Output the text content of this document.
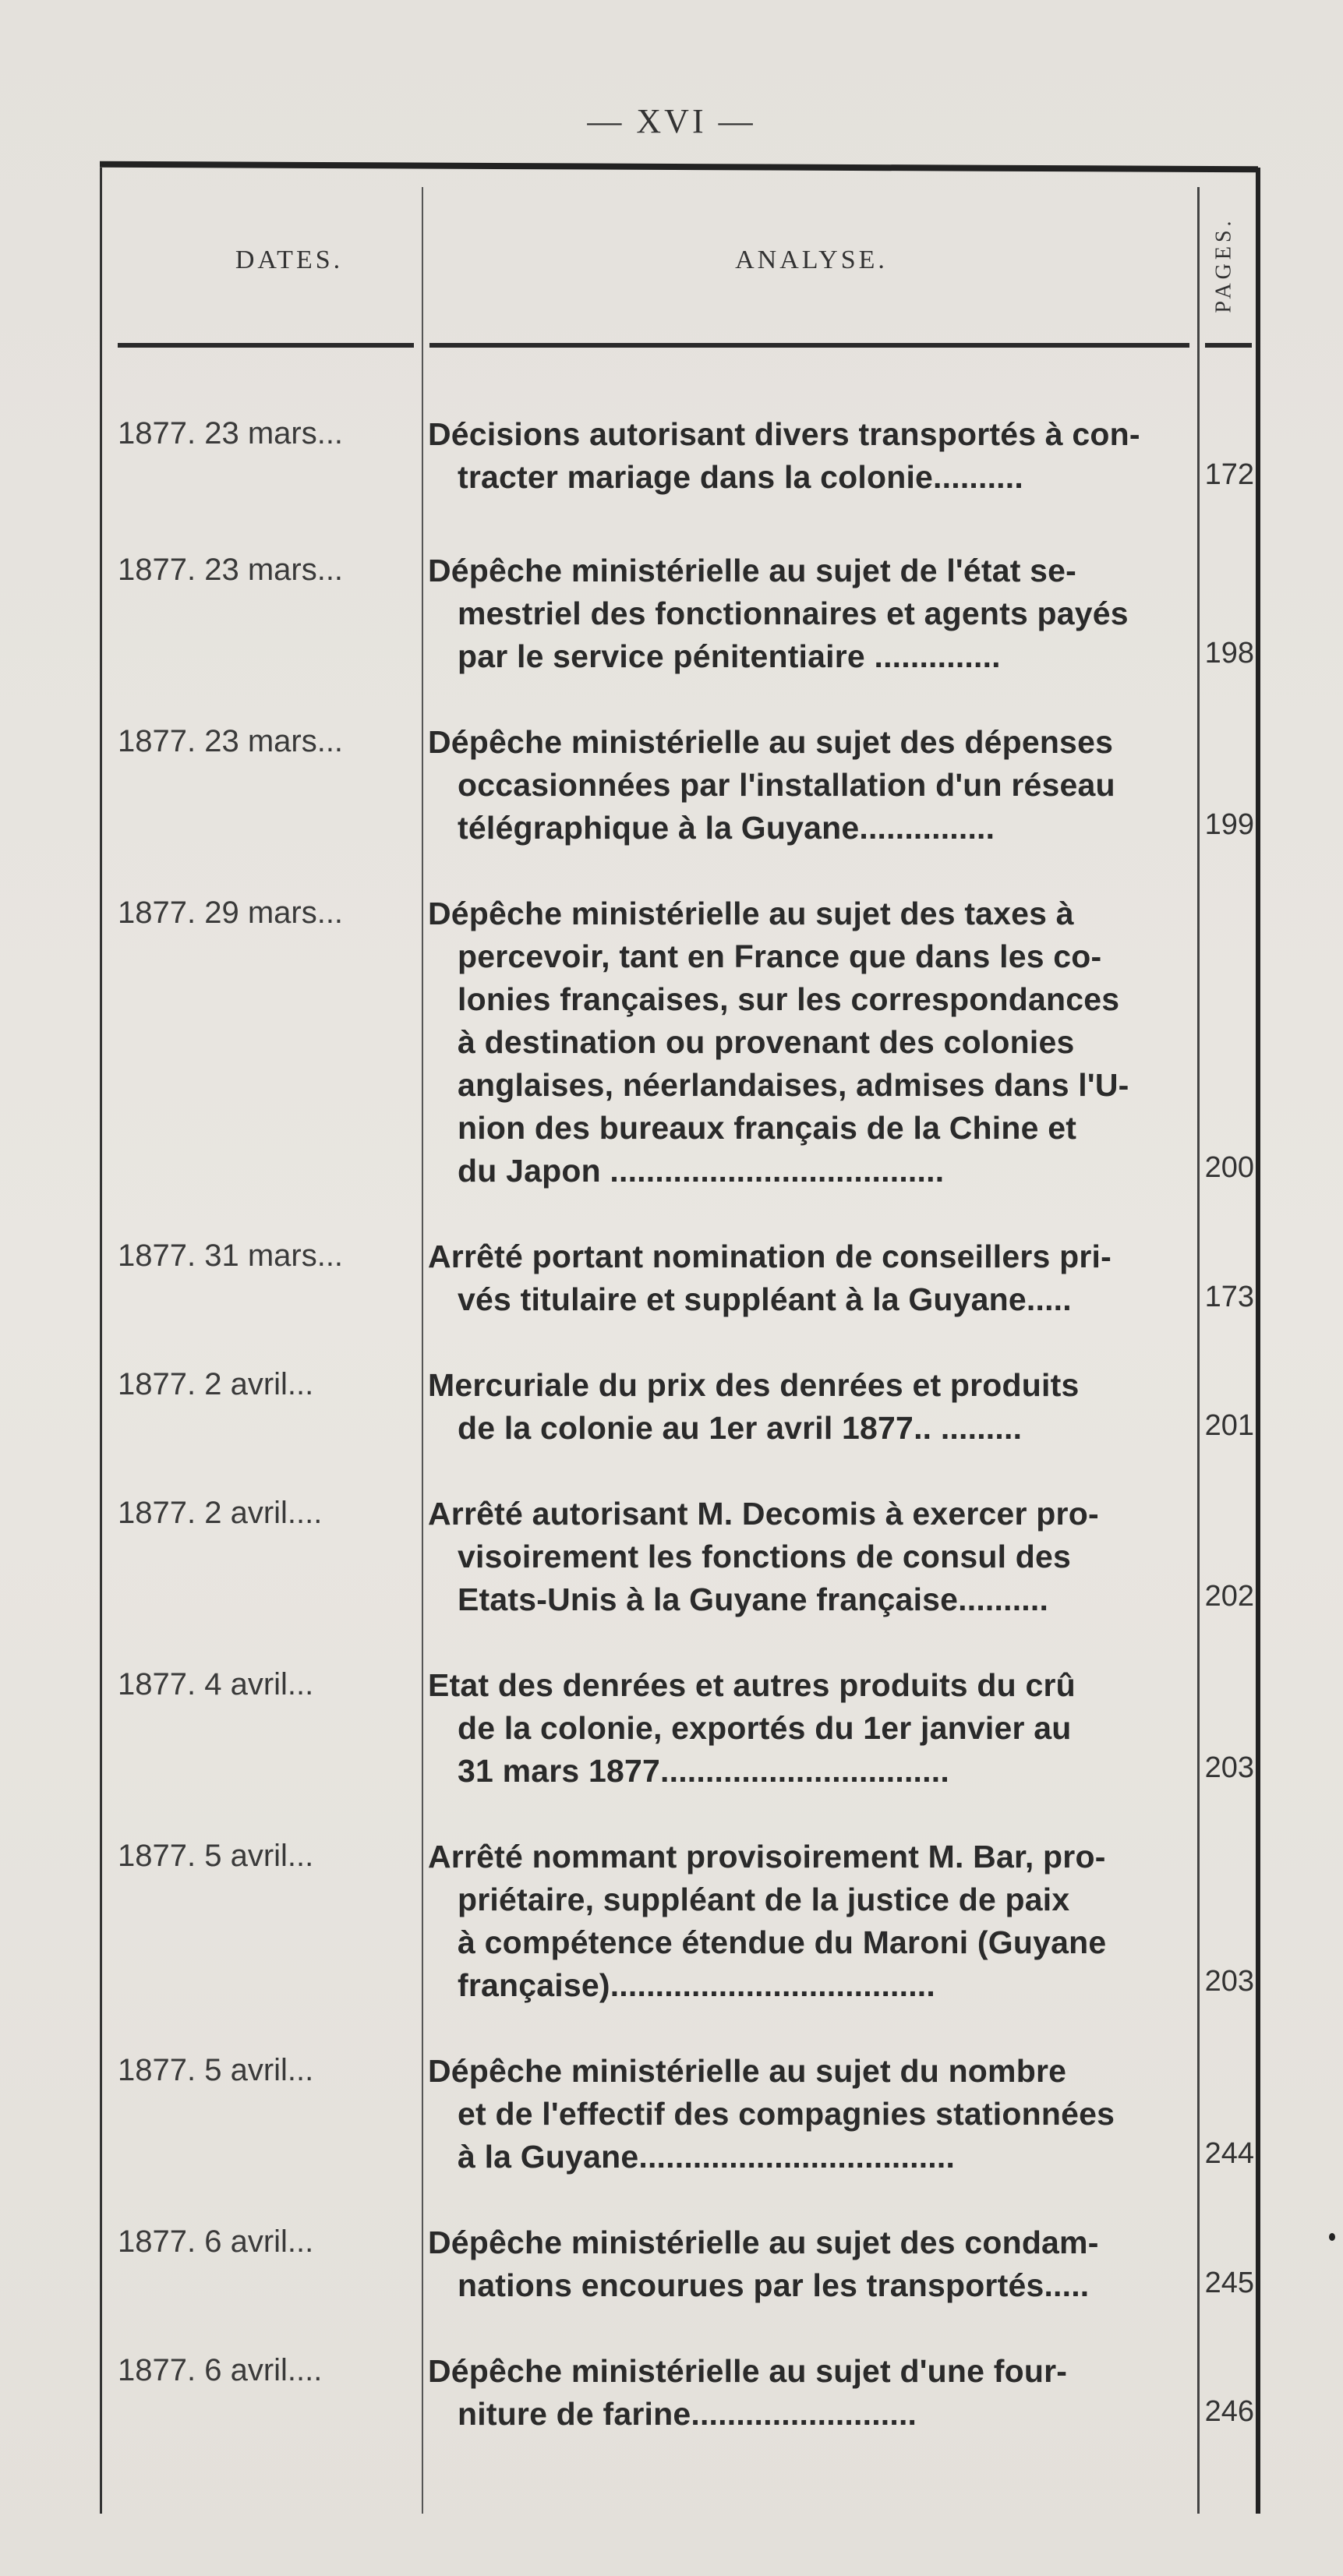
— XVI —
DATES.	ANALYSE.	PAGES.
1877. 23 mars...	Décisions autorisant divers transportés à con-
tracter mariage dans la colonie..........	172
1877. 23 mars...	Dépêche ministérielle au sujet de l'état se-
mestriel des fonctionnaires et agents payés
par le service pénitentiaire ..............	198
1877. 23 mars...	Dépêche ministérielle au sujet des dépenses
occasionnées par l'installation d'un réseau
télégraphique à la Guyane...............	199
1877. 29 mars...	Dépêche ministérielle au sujet des taxes à
percevoir, tant en France que dans les co-
lonies françaises, sur les correspondances
à destination ou provenant des colonies
anglaises, néerlandaises, admises dans l'U-
nion des bureaux français de la Chine et
du Japon .....................................	200
1877. 31 mars...	Arrêté portant nomination de conseillers pri-
vés titulaire et suppléant à la Guyane.....	173
1877. 2 avril...	Mercuriale du prix des denrées et produits
de la colonie au 1er avril 1877.. .........	201
1877. 2 avril....	Arrêté autorisant M. Decomis à exercer pro-
visoirement les fonctions de consul des
Etats-Unis à la Guyane française..........	202
1877. 4 avril...	Etat des denrées et autres produits du crû
de la colonie, exportés du 1er janvier au
31 mars 1877................................	203
1877. 5 avril...	Arrêté nommant provisoirement M. Bar, pro-
priétaire, suppléant de la justice de paix
à compétence étendue du Maroni (Guyane
française)....................................	203
1877. 5 avril...	Dépêche ministérielle au sujet du nombre
et de l'effectif des compagnies stationnées
à la Guyane...................................	244
1877. 6 avril...	Dépêche ministérielle au sujet des condam-
nations encourues par les transportés.....	245
1877. 6 avril....	Dépêche ministérielle au sujet d'une four-
niture de farine.........................	246
